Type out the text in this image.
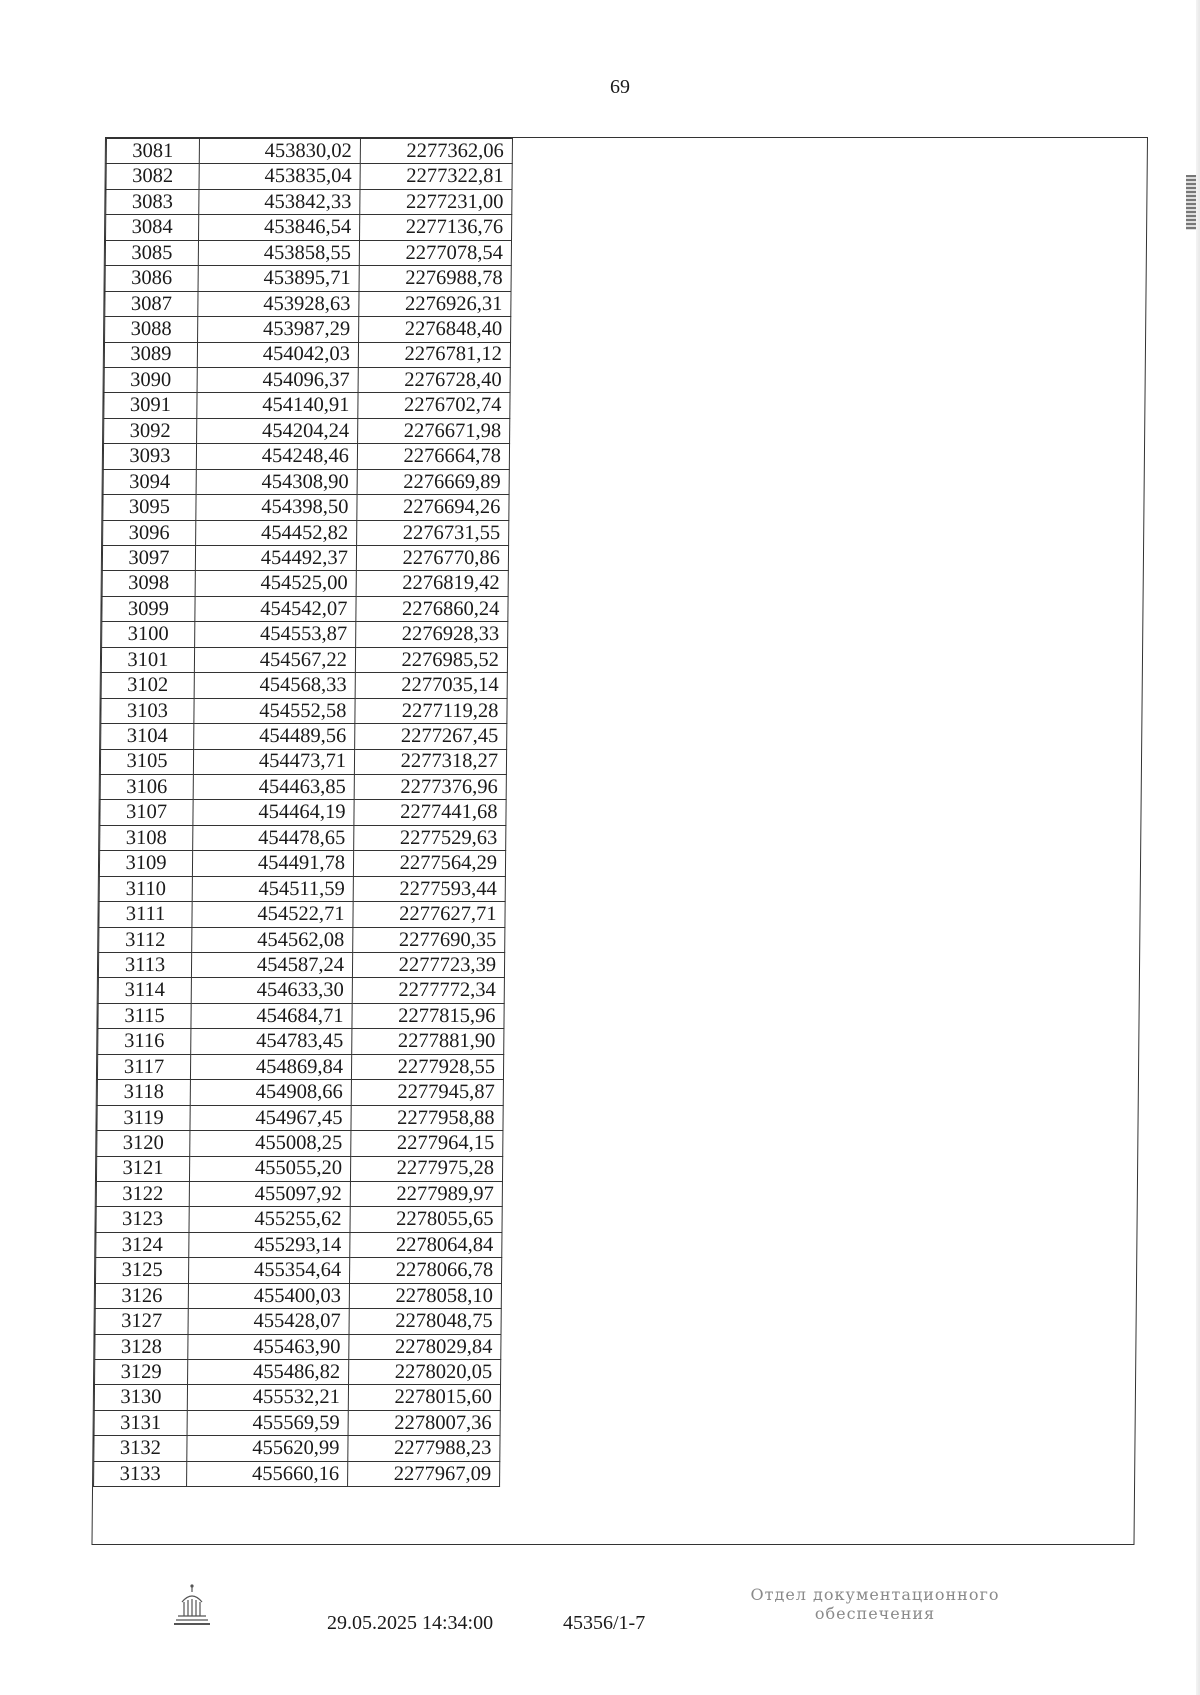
69
3081	453830,02	2277362,06
3082	453835,04	2277322,81
3083	453842,33	2277231,00
3084	453846,54	2277136,76
3085	453858,55	2277078,54
3086	453895,71	2276988,78
3087	453928,63	2276926,31
3088	453987,29	2276848,40
3089	454042,03	2276781,12
3090	454096,37	2276728,40
3091	454140,91	2276702,74
3092	454204,24	2276671,98
3093	454248,46	2276664,78
3094	454308,90	2276669,89
3095	454398,50	2276694,26
3096	454452,82	2276731,55
3097	454492,37	2276770,86
3098	454525,00	2276819,42
3099	454542,07	2276860,24
3100	454553,87	2276928,33
3101	454567,22	2276985,52
3102	454568,33	2277035,14
3103	454552,58	2277119,28
3104	454489,56	2277267,45
3105	454473,71	2277318,27
3106	454463,85	2277376,96
3107	454464,19	2277441,68
3108	454478,65	2277529,63
3109	454491,78	2277564,29
3110	454511,59	2277593,44
3111	454522,71	2277627,71
3112	454562,08	2277690,35
3113	454587,24	2277723,39
3114	454633,30	2277772,34
3115	454684,71	2277815,96
3116	454783,45	2277881,90
3117	454869,84	2277928,55
3118	454908,66	2277945,87
3119	454967,45	2277958,88
3120	455008,25	2277964,15
3121	455055,20	2277975,28
3122	455097,92	2277989,97
3123	455255,62	2278055,65
3124	455293,14	2278064,84
3125	455354,64	2278066,78
3126	455400,03	2278058,10
3127	455428,07	2278048,75
3128	455463,90	2278029,84
3129	455486,82	2278020,05
3130	455532,21	2278015,60
3131	455569,59	2278007,36
3132	455620,99	2277988,23
3133	455660,16	2277967,09
29.05.2025 14:34:00	45356/1-7
Отдел документационного
обеспечения
